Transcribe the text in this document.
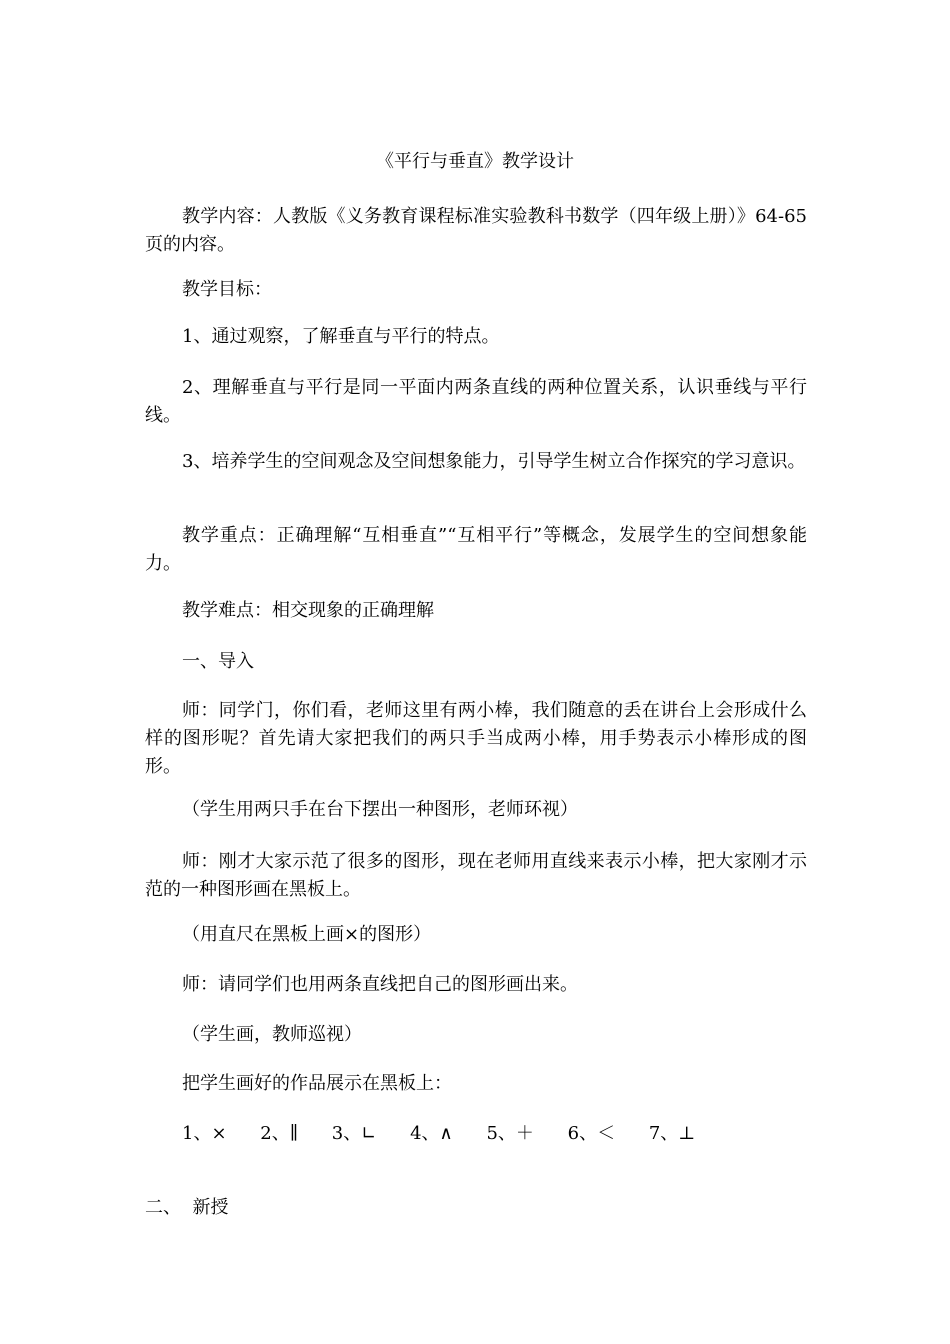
《平行与垂直》教学设计

教学内容：人教版《义务教育课程标准实验教科书数学（四年级上册）》64-65页的内容。

教学目标：

1、通过观察，了解垂直与平行的特点。

2、理解垂直与平行是同一平面内两条直线的两种位置关系，认识垂线与平行线。

3、培养学生的空间观念及空间想象能力，引导学生树立合作探究的学习意识。

教学重点：正确理解“互相垂直”“互相平行”等概念，发展学生的空间想象能力。

教学难点：相交现象的正确理解

一、导入

师：同学门，你们看，老师这里有两小棒，我们随意的丢在讲台上会形成什么样的图形呢？首先请大家把我们的两只手当成两小棒，用手势表示小棒形成的图形。

（学生用两只手在台下摆出一种图形，老师环视）

师：刚才大家示范了很多的图形，现在老师用直线来表示小棒，把大家刚才示范的一种图形画在黑板上。

（用直尺在黑板上画×的图形）

师：请同学们也用两条直线把自己的图形画出来。

（学生画，教师巡视）

把学生画好的作品展示在黑板上：

1、× 2、∥ 3、∟ 4、∧ 5、＋ 6、＜ 7、⊥
二、  新授
